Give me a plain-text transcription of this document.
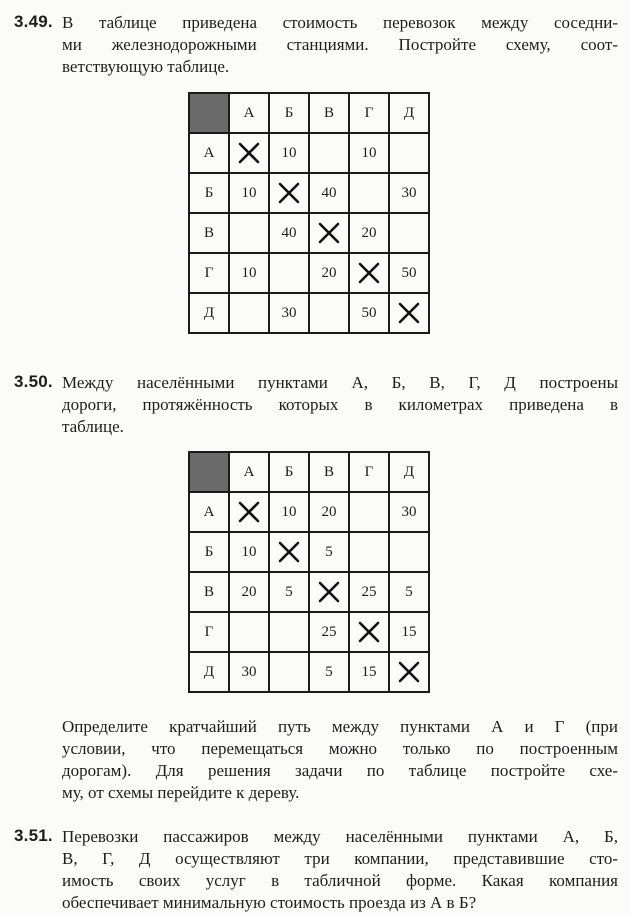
3.49. В таблице приведена стоимость перевозок между соседни-
ми железнодорожными станциями. Постройте схему, соот-
ветствующую таблице.
	А	Б	В	Г	Д
А		10		10	
Б	10		40		30
В		40		20	
Г	10		20		50
Д		30		50	
3.50. Между населёнными пунктами А, Б, В, Г, Д построены
дороги, протяжённость которых в километрах приведена в
таблице.
	А	Б	В	Г	Д
А		10	20		30
Б	10		5		
В	20	5		25	5
Г			25		15
Д	30		5	15	
Определите кратчайший путь между пунктами А и Г (при
условии, что перемещаться можно только по построенным
дорогам). Для решения задачи по таблице постройте схе-
му, от схемы перейдите к дереву.
3.51. Перевозки пассажиров между населёнными пунктами А, Б,
В, Г, Д осуществляют три компании, представившие сто-
имость своих услуг в табличной форме. Какая компания
обеспечивает минимальную стоимость проезда из А в Б?
